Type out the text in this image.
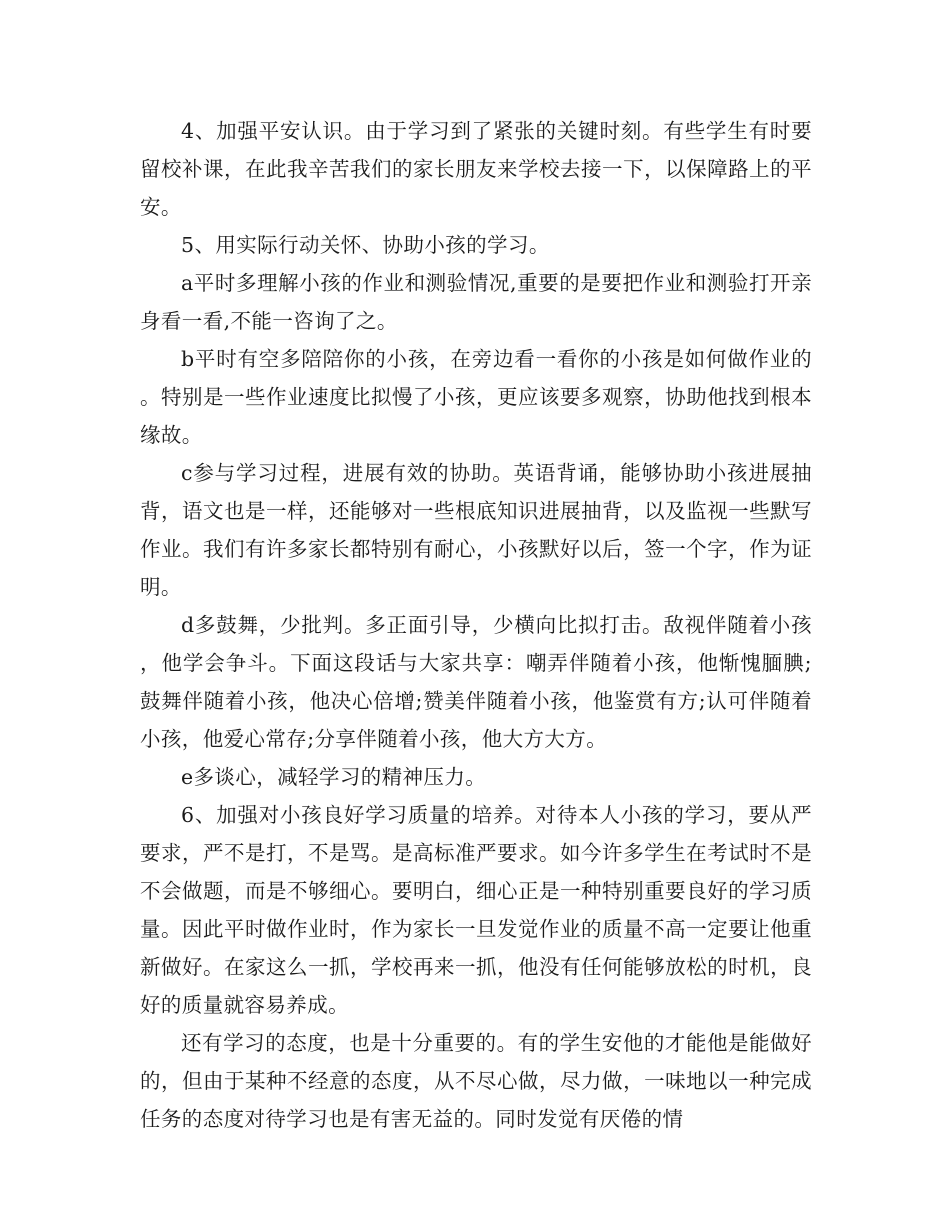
4、加强平安认识。由于学习到了紧张的关键时刻。有些学生有时要留校补课，在此我辛苦我们的家长朋友来学校去接一下，以保障路上的平安。

5、用实际行动关怀、协助小孩的学习。

a平时多理解小孩的作业和测验情况,重要的是要把作业和测验打开亲身看一看,不能一咨询了之。

b平时有空多陪陪你的小孩，在旁边看一看你的小孩是如何做作业的。特别是一些作业速度比拟慢了小孩，更应该要多观察，协助他找到根本缘故。

c参与学习过程，进展有效的协助。英语背诵，能够协助小孩进展抽背，语文也是一样，还能够对一些根底知识进展抽背，以及监视一些默写作业。我们有许多家长都特别有耐心，小孩默好以后，签一个字，作为证明。

d多鼓舞，少批判。多正面引导，少横向比拟打击。敌视伴随着小孩，他学会争斗。下面这段话与大家共享：嘲弄伴随着小孩，他惭愧腼腆;鼓舞伴随着小孩，他决心倍增;赞美伴随着小孩，他鉴赏有方;认可伴随着小孩，他爱心常存;分享伴随着小孩，他大方大方。

e多谈心，减轻学习的精神压力。

6、加强对小孩良好学习质量的培养。对待本人小孩的学习，要从严要求，严不是打，不是骂。是高标准严要求。如今许多学生在考试时不是不会做题，而是不够细心。要明白，细心正是一种特别重要良好的学习质量。因此平时做作业时，作为家长一旦发觉作业的质量不高一定要让他重新做好。在家这么一抓，学校再来一抓，他没有任何能够放松的时机，良好的质量就容易养成。

还有学习的态度，也是十分重要的。有的学生安他的才能他是能做好的，但由于某种不经意的态度，从不尽心做，尽力做，一味地以一种完成任务的态度对待学习也是有害无益的。同时发觉有厌倦的情
